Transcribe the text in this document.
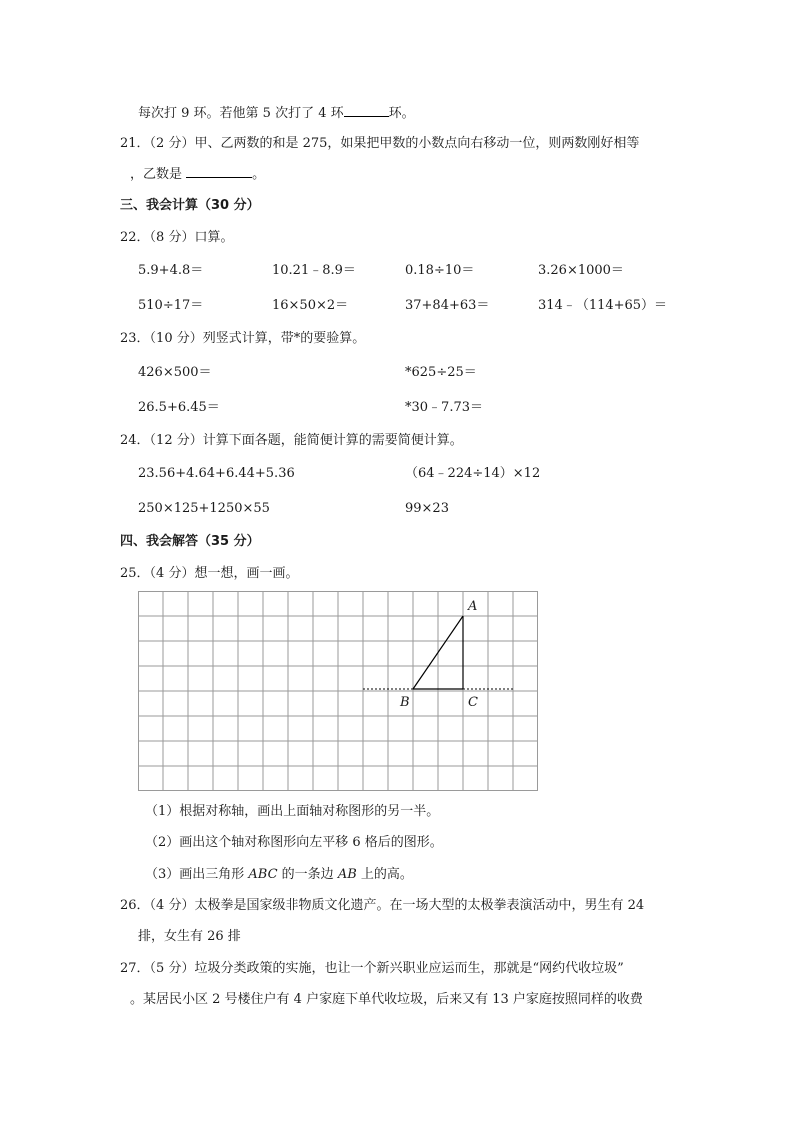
每次打 9 环。若他第 5 次打了 4 环	环。
21．（2 分）甲、乙两数的和是 275，如果把甲数的小数点向右移动一位，则两数刚好相等
，乙数是	。
三、我会计算（30 分）
22．（8 分）口算。
5.9+4.8＝	10.21﹣8.9＝	0.18÷10＝	3.26×1000＝
510÷17＝	16×50×2＝	37+84+63＝	314﹣（114+65）＝
23．（10 分）列竖式计算，带*的要验算。
426×500＝	*625÷25＝
26.5+6.45＝	*30﹣7.73＝
24．（12 分）计算下面各题，能简便计算的需要简便计算。
23.56+4.64+6.44+5.36	（64﹣224÷14）×12
250×125+1250×55	99×23
四、我会解答（35 分）
25．（4 分）想一想，画一画。
A
B	C
（1）根据对称轴，画出上面轴对称图形的另一半。
（2）画出这个轴对称图形向左平移 6 格后的图形。
（3）画出三角形 ABC 的一条边 AB 上的高。
26．（4 分）太极拳是国家级非物质文化遗产。在一场大型的太极拳表演活动中，男生有 24
排，女生有 26 排
27．（5 分）垃圾分类政策的实施，也让一个新兴职业应运而生，那就是“网约代收垃圾”
。某居民小区 2 号楼住户有 4 户家庭下单代收垃圾，后来又有 13 户家庭按照同样的收费
